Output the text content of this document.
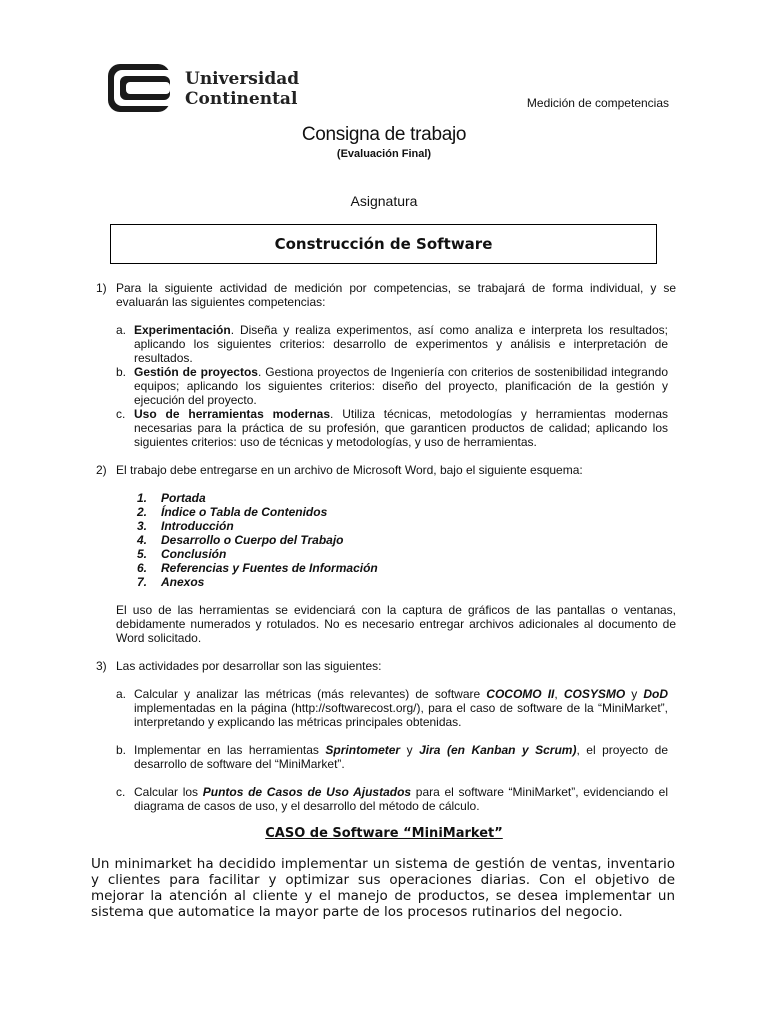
Universidad
Continental	Medición de competencias
Consigna de trabajo
(Evaluación Final)
Asignatura
Construcción de Software
1) Para la siguiente actividad de medición por competencias, se trabajará de forma individual, y se evaluarán las siguientes competencias:
a. Experimentación. Diseña y realiza experimentos, así como analiza e interpreta los resultados; aplicando los siguientes criterios: desarrollo de experimentos y análisis e interpretación de resultados.
b. Gestión de proyectos. Gestiona proyectos de Ingeniería con criterios de sostenibilidad integrando equipos; aplicando los siguientes criterios: diseño del proyecto, planificación de la gestión y ejecución del proyecto.
c. Uso de herramientas modernas. Utiliza técnicas, metodologías y herramientas modernas necesarias para la práctica de su profesión, que garanticen productos de calidad; aplicando los siguientes criterios: uso de técnicas y metodologías, y uso de herramientas.
2) El trabajo debe entregarse en un archivo de Microsoft Word, bajo el siguiente esquema:
1. Portada
2. Índice o Tabla de Contenidos
3. Introducción
4. Desarrollo o Cuerpo del Trabajo
5. Conclusión
6. Referencias y Fuentes de Información
7. Anexos
El uso de las herramientas se evidenciará con la captura de gráficos de las pantallas o ventanas, debidamente numerados y rotulados. No es necesario entregar archivos adicionales al documento de Word solicitado.
3) Las actividades por desarrollar son las siguientes:
a. Calcular y analizar las métricas (más relevantes) de software COCOMO II, COSYSMO y DoD implementadas en la página (http://softwarecost.org/), para el caso de software de la “MiniMarket”, interpretando y explicando las métricas principales obtenidas.
b. Implementar en las herramientas Sprintometer y Jira (en Kanban y Scrum), el proyecto de desarrollo de software del “MiniMarket”.
c. Calcular los Puntos de Casos de Uso Ajustados para el software “MiniMarket”, evidenciando el diagrama de casos de uso, y el desarrollo del método de cálculo.
CASO de Software “MiniMarket”
Un minimarket ha decidido implementar un sistema de gestión de ventas, inventario y clientes para facilitar y optimizar sus operaciones diarias. Con el objetivo de mejorar la atención al cliente y el manejo de productos, se desea implementar un sistema que automatice la mayor parte de los procesos rutinarios del negocio.
